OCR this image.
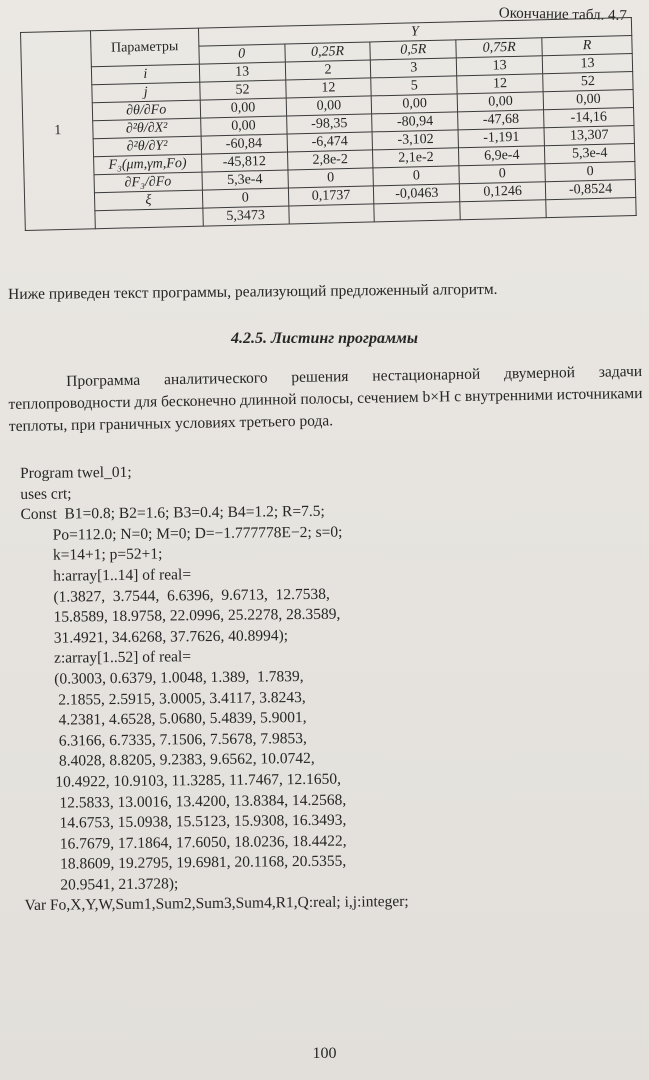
Окончание табл. 4.7
1	Параметры	Y				
		0	0,25R	0,5R	0,75R	R
	i	13	2	3	13	13
	j	52	12	5	12	52
	∂θ/∂Fo	0,00	0,00	0,00	0,00	0,00
	∂²θ/∂X²	0,00	-98,35	-80,94	-47,68	-14,16
	∂²θ/∂Y²	-60,84	-6,474	-3,102	-1,191	13,307
	F₃(μm,γm,Fo)	-45,812	2,8e-2	2,1e-2	6,9e-4	5,3e-4
	∂F₃/∂Fo	5,3e-4	0	0	0	0
	ξ	0	0,1737	-0,0463	0,1246	-0,8524
		5,3473				
Ниже приведен текст программы, реализующий предложенный алгоритм.
4.2.5. Листинг программы

Программа аналитического решения нестационарной двумерной задачи теплопроводности для бесконечно длинной полосы, сечением b×H с внутренними источниками теплоты, при граничных условиях третьего рода.

Program twel_01;
uses crt;
Const  B1=0.8; B2=1.6; B3=0.4; B4=1.2; R=7.5;
Po=112.0; N=0; M=0; D=−1.777778E−2; s=0;
k=14+1; p=52+1;
h:array[1..14] of real=
(1.3827,  3.7544,  6.6396,  9.6713,  12.7538,
15.8589, 18.9758, 22.0996, 25.2278, 28.3589,
31.4921, 34.6268, 37.7626, 40.8994);
z:array[1..52] of real=
(0.3003, 0.6379, 1.0048, 1.389,  1.7839,
2.1855, 2.5915, 3.0005, 3.4117, 3.8243,
4.2381, 4.6528, 5.0680, 5.4839, 5.9001,
6.3166, 6.7335, 7.1506, 7.5678, 7.9853,
8.4028, 8.8205, 9.2383, 9.6562, 10.0742,
10.4922, 10.9103, 11.3285, 11.7467, 12.1650,
12.5833, 13.0016, 13.4200, 13.8384, 14.2568,
14.6753, 15.0938, 15.5123, 15.9308, 16.3493,
16.7679, 17.1864, 17.6050, 18.0236, 18.4422,
18.8609, 19.2795, 19.6981, 20.1168, 20.5355,
20.9541, 21.3728);
Var Fo,X,Y,W,Sum1,Sum2,Sum3,Sum4,R1,Q:real; i,j:integer;
100
